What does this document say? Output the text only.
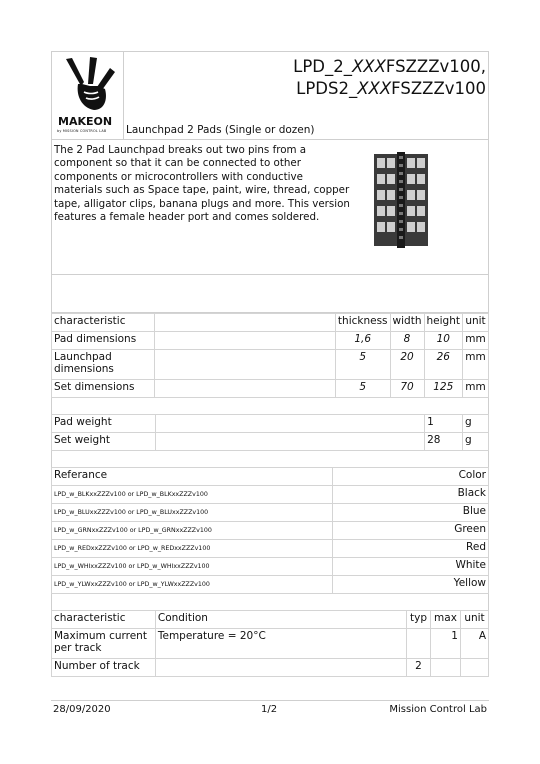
MAKEON
by MISSION CONTROL LAB
LPD_2_XXXFSZZZv100,
LPDS2_XXXFSZZZv100
Launchpad 2 Pads (Single or dozen)
The 2 Pad Launchpad breaks out two pins from a component so that it can be connected to other components or microcontrollers with conductive materials such as Space tape, paint, wire, thread, copper tape, alligator clips, banana plugs and more. This version features a female header port and comes soldered.
characteristic		thickness	width	height	unit
Pad dimensions		1,6	8	10	mm
Launchpad dimensions		5	20	26	mm
Set dimensions		5	70	125	mm
Pad weight		1	g
Set weight		28	g
Referance	Color
LPD_w_BLKxxZZZv100 or LPD_w_BLKxxZZZv100	Black
LPD_w_BLUxxZZZv100 or LPD_w_BLUxxZZZv100	Blue
LPD_w_GRNxxZZZv100 or LPD_w_GRNxxZZZv100	Green
LPD_w_REDxxZZZv100 or LPD_w_REDxxZZZv100	Red
LPD_w_WHIxxZZZv100 or LPD_w_WHIxxZZZv100	White
LPD_w_YLWxxZZZv100 or LPD_w_YLWxxZZZv100	Yellow
characteristic	Condition	typ	max	unit
Maximum current per track	Temperature = 20°C		1	A
Number of track		2		
28/09/2020	1/2	Mission Control Lab
